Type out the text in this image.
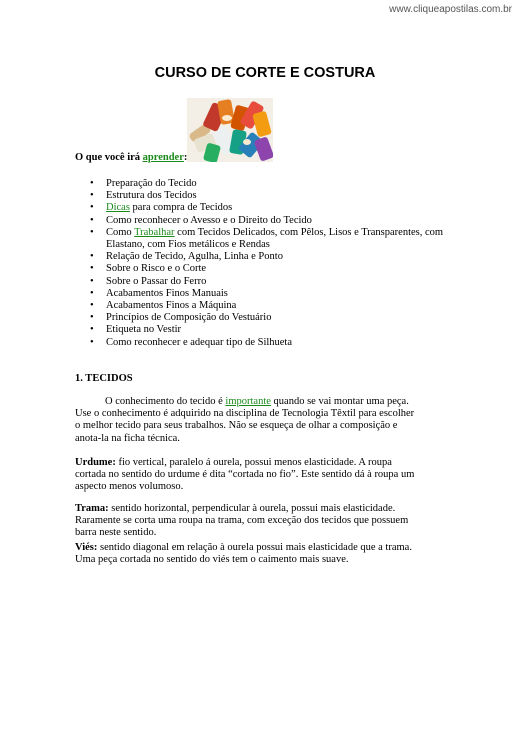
www.cliqueapostilas.com.br
CURSO DE CORTE E COSTURA
O que você irá aprender:
• Preparação do Tecido
• Estrutura dos Tecidos
• Dicas para compra de Tecidos
• Como reconhecer o Avesso e o Direito do Tecido
• Como Trabalhar com Tecidos Delicados, com Pêlos, Lisos e Transparentes, com Elastano, com Fios metálicos e Rendas
• Relação de Tecido, Agulha, Linha e Ponto
• Sobre o Risco e o Corte
• Sobre o Passar do Ferro
• Acabamentos Finos Manuais
• Acabamentos Finos a Máquina
• Princípios de Composição do Vestuário
• Etiqueta no Vestir
• Como reconhecer e adequar tipo de Silhueta
1. TECIDOS
O conhecimento do tecido é importante quando se vai montar uma peça. Use o conhecimento é adquirido na disciplina de Tecnologia Têxtil para escolher o melhor tecido para seus trabalhos. Não se esqueça de olhar a composição e anota-la na ficha técnica.
Urdume: fio vertical, paralelo á ourela, possui menos elasticidade. A roupa cortada no sentido do urdume é dita “cortada no fio”. Este sentido dá à roupa um aspecto menos volumoso.
Trama: sentido horizontal, perpendicular à ourela, possui mais elasticidade. Raramente se corta uma roupa na trama, com exceção dos tecidos que possuem barra neste sentido.
Viés: sentido diagonal em relação à ourela possui mais elasticidade que a trama. Uma peça cortada no sentido do viés tem o caimento mais suave.
